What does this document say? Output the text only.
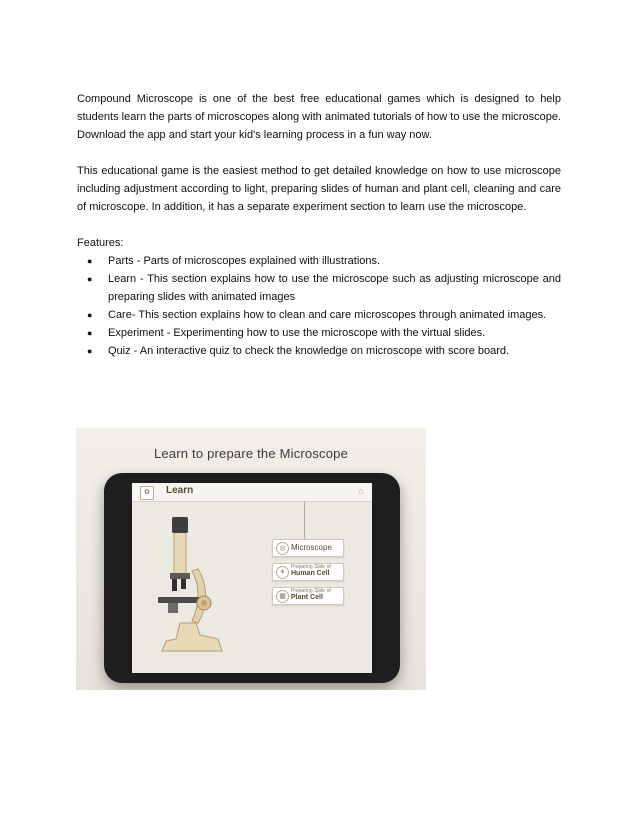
Compound Microscope is one of the best free educational games which is designed to help students learn the parts of microscopes along with animated tutorials of how to use the microscope. Download the app and start your kid's learning process in a fun way now.

This educational game is the easiest method to get detailed knowledge on how to use microscope including adjustment according to light, preparing slides of human and plant cell, cleaning and care of microscope. In addition, it has a separate experiment section to learn use the microscope.

Features:
● Parts - Parts of microscopes explained with illustrations.
● Learn - This section explains how to use the microscope such as adjusting microscope and preparing slides with animated images
● Care- This section explains how to clean and care microscopes through animated images.
● Experiment - Experimenting how to use the microscope with the virtual slides.
● Quiz - An interactive quiz to check the knowledge on microscope with score board.
Learn to prepare the Microscope
✿	Learn	⌂
◎ Microscope
✶
Preparing Slide of
Human Cell
▦
Preparing Slide of
Plant Cell
